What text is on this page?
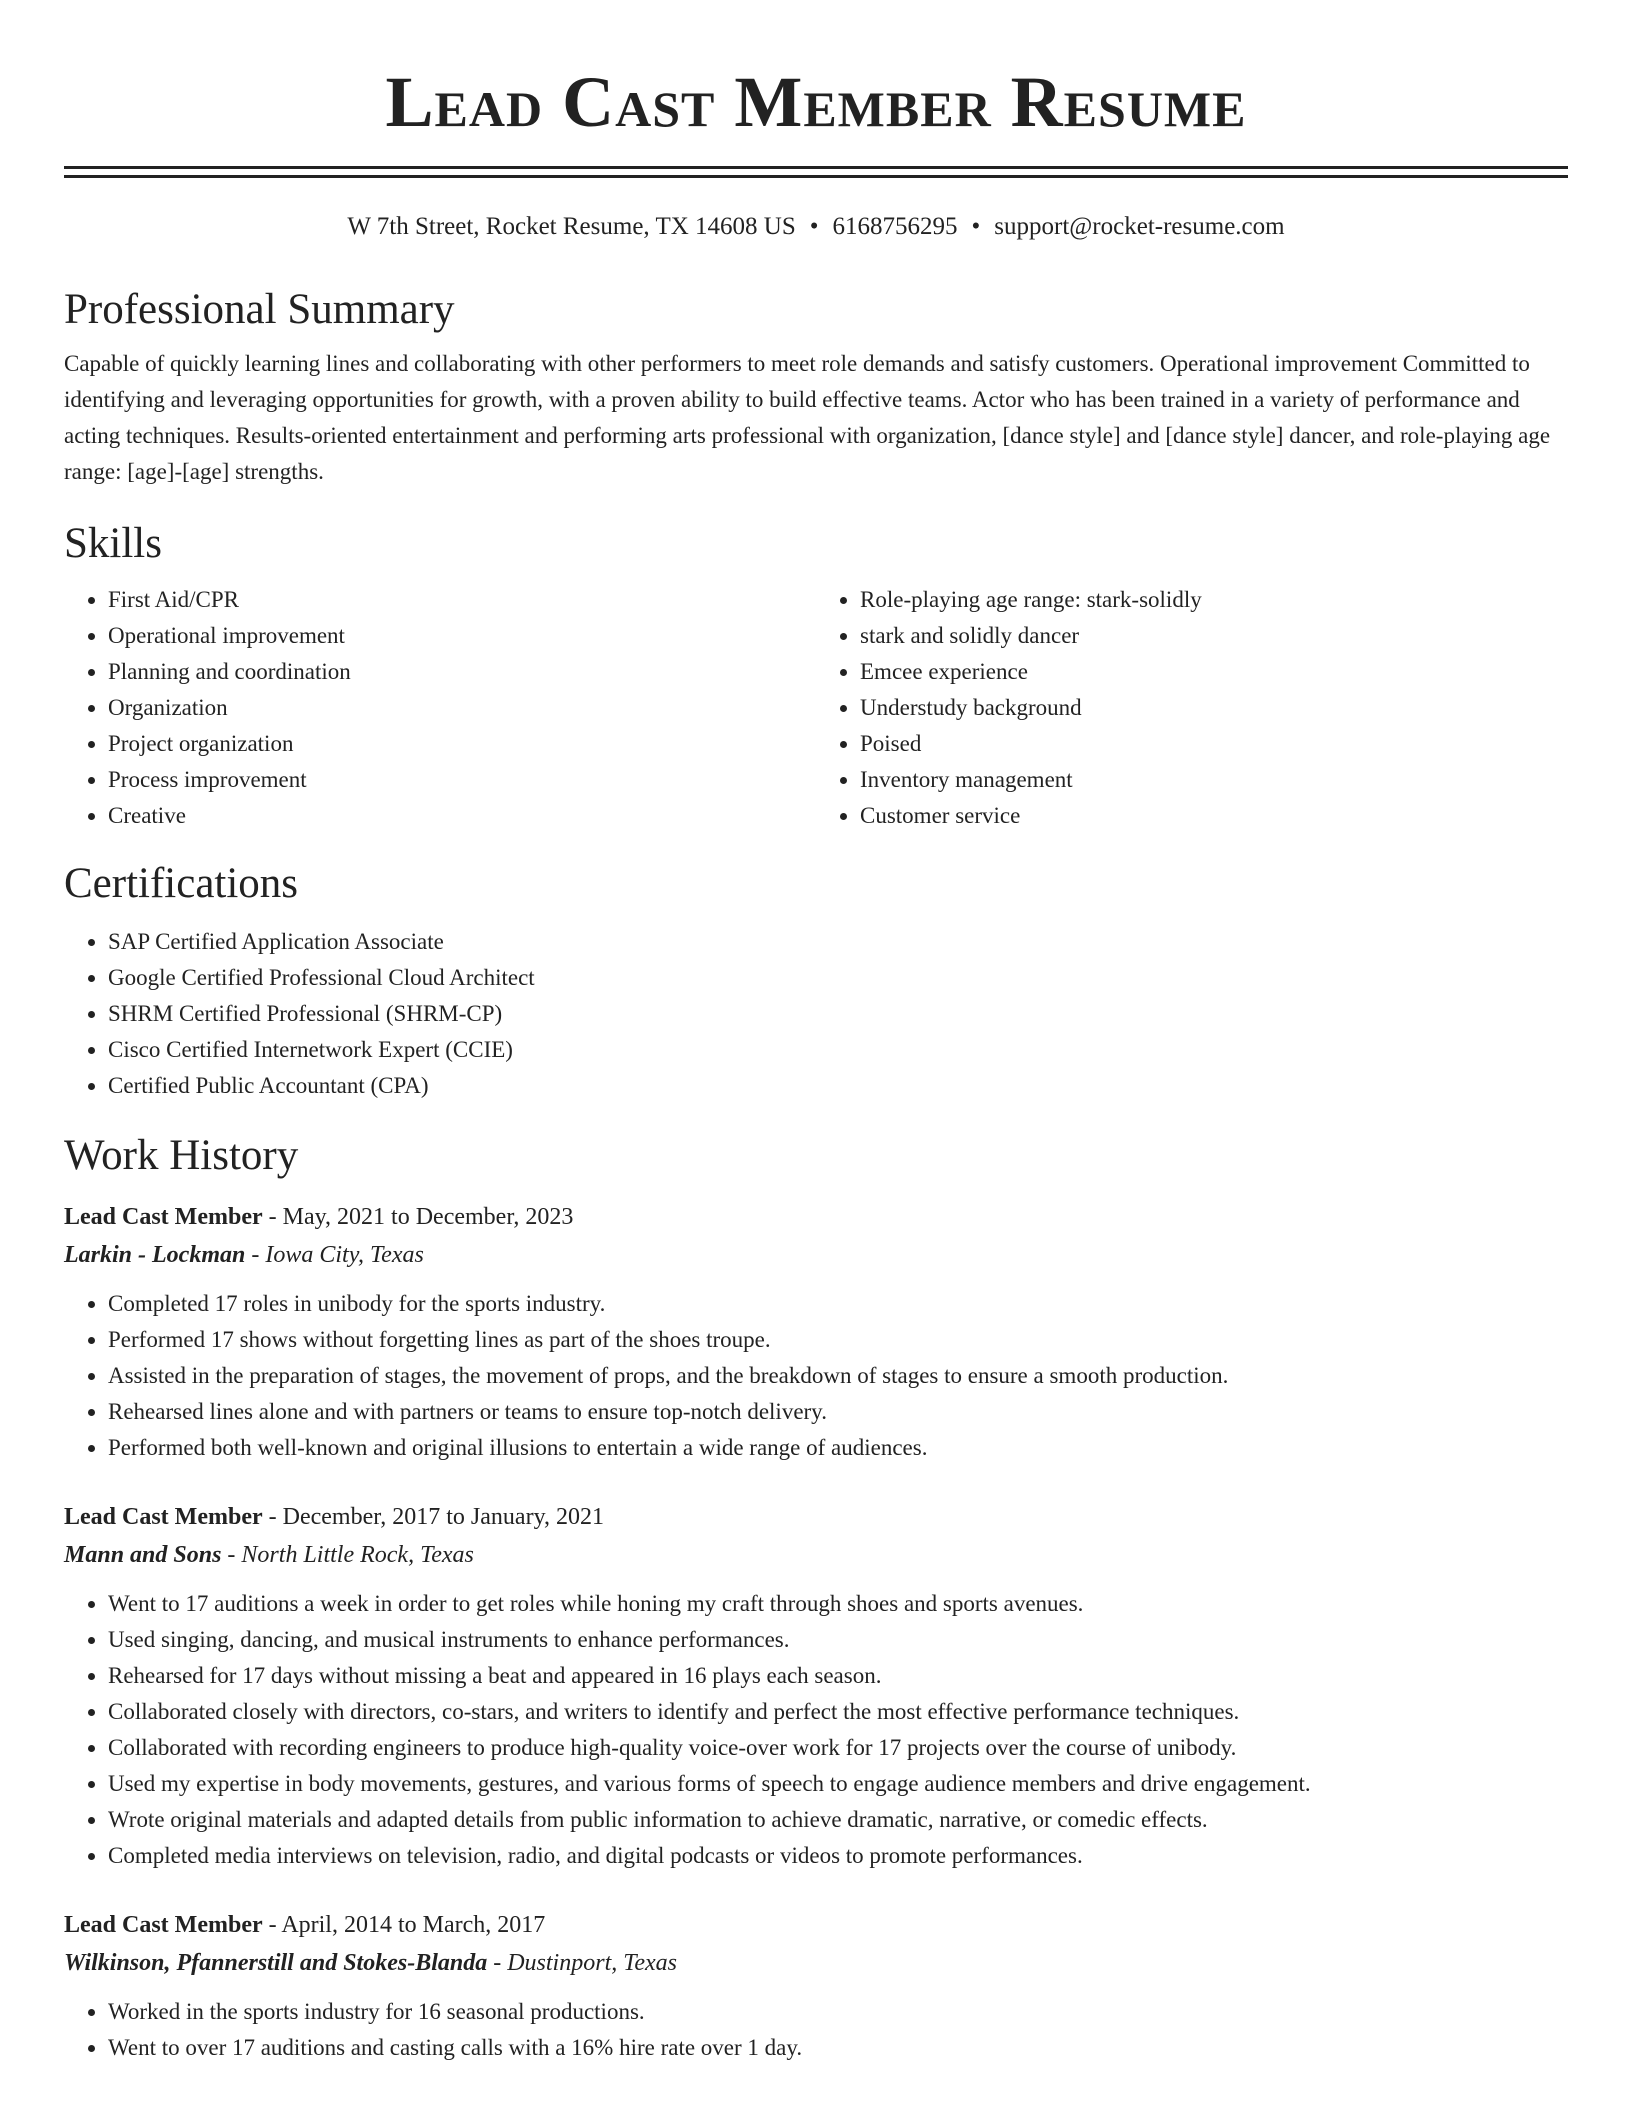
Lead Cast Member Resume
W 7th Street, Rocket Resume, TX 14608 US • 6168756295 • support@rocket-resume.com
Professional Summary

Capable of quickly learning lines and collaborating with other performers to meet role demands and satisfy customers. Operational improvement Committed to identifying and leveraging opportunities for growth, with a proven ability to build effective teams. Actor who has been trained in a variety of performance and acting techniques. Results-oriented entertainment and performing arts professional with organization, [dance style] and [dance style] dancer, and role-playing age range: [age]-[age] strengths.

Skills
• First Aid/CPR
• Operational improvement
• Planning and coordination
• Organization
• Project organization
• Process improvement
• Creative
• Role-playing age range: stark-solidly
• stark and solidly dancer
• Emcee experience
• Understudy background
• Poised
• Inventory management
• Customer service
Certifications
• SAP Certified Application Associate
• Google Certified Professional Cloud Architect
• SHRM Certified Professional (SHRM-CP)
• Cisco Certified Internetwork Expert (CCIE)
• Certified Public Accountant (CPA)
Work History
Lead Cast Member - May, 2021 to December, 2023
Larkin - Lockman - Iowa City, Texas
• Completed 17 roles in unibody for the sports industry.
• Performed 17 shows without forgetting lines as part of the shoes troupe.
• Assisted in the preparation of stages, the movement of props, and the breakdown of stages to ensure a smooth production.
• Rehearsed lines alone and with partners or teams to ensure top-notch delivery.
• Performed both well-known and original illusions to entertain a wide range of audiences.
Lead Cast Member - December, 2017 to January, 2021
Mann and Sons - North Little Rock, Texas
• Went to 17 auditions a week in order to get roles while honing my craft through shoes and sports avenues.
• Used singing, dancing, and musical instruments to enhance performances.
• Rehearsed for 17 days without missing a beat and appeared in 16 plays each season.
• Collaborated closely with directors, co-stars, and writers to identify and perfect the most effective performance techniques.
• Collaborated with recording engineers to produce high-quality voice-over work for 17 projects over the course of unibody.
• Used my expertise in body movements, gestures, and various forms of speech to engage audience members and drive engagement.
• Wrote original materials and adapted details from public information to achieve dramatic, narrative, or comedic effects.
• Completed media interviews on television, radio, and digital podcasts or videos to promote performances.
Lead Cast Member - April, 2014 to March, 2017
Wilkinson, Pfannerstill and Stokes-Blanda - Dustinport, Texas
• Worked in the sports industry for 16 seasonal productions.
• Went to over 17 auditions and casting calls with a 16% hire rate over 1 day.
